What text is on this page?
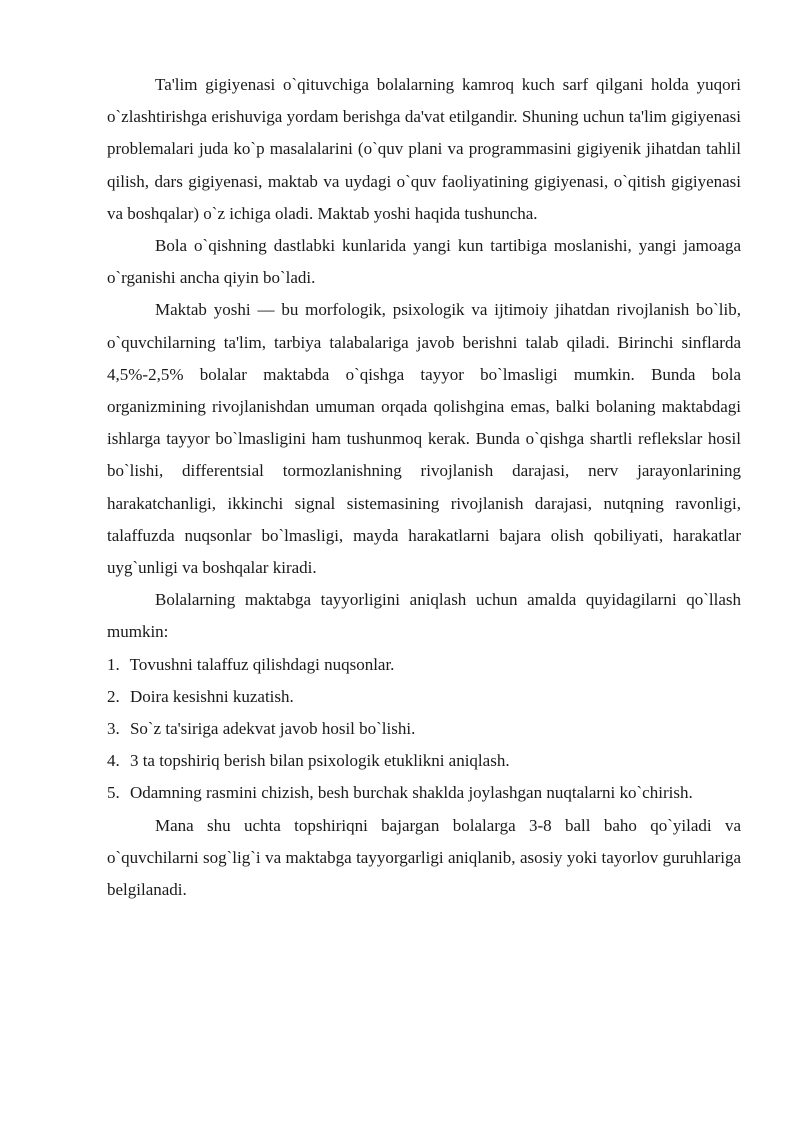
Ta'lim gigiyenasi o`qituvchiga bolalarning kamroq kuch sarf qilgani holda yuqori o`zlashtirishga erishuviga yordam berishga da'vat etilgandir. Shuning uchun ta'lim gigiyenasi problemalari juda ko`p masalalarini (o`quv plani va programmasini gigiyenik jihatdan tahlil qilish, dars gigiyenasi, maktab va uydagi o`quv faoliyatining gigiyenasi, o`qitish gigiyenasi va boshqalar) o`z ichiga oladi. Maktab yoshi haqida tushuncha.

Bola o`qishning dastlabki kunlarida yangi kun tartibiga moslanishi, yangi jamoaga o`rganishi ancha qiyin bo`ladi.

Maktab yoshi — bu morfologik, psixologik va ijtimoiy jihatdan rivojlanish bo`lib, o`quvchilarning ta'lim, tarbiya talabalariga javob berishni talab qiladi. Birinchi sinflarda 4,5%-2,5% bolalar maktabda o`qishga tayyor bo`lmasligi mumkin. Bunda bola organizmining rivojlanishdan umuman orqada qolishgina emas, balki bolaning maktabdagi ishlarga tayyor bo`lmasligini ham tushunmoq kerak. Bunda o`qishga shartli reflekslar hosil bo`lishi, differentsial tormozlanishning rivojlanish darajasi, nerv jarayonlarining harakatchanligi, ikkinchi signal sistemasining rivojlanish darajasi, nutqning ravonligi, talaffuzda nuqsonlar bo`lmasligi, mayda harakatlarni bajara olish qobiliyati, harakatlar uyg`unligi va boshqalar kiradi.

Bolalarning maktabga tayyorligini aniqlash uchun amalda quyidagilarni qo`llash mumkin:

1. Tovushni talaffuz qilishdagi nuqsonlar.

2. Doira kesishni kuzatish.

3. So`z ta'siriga adekvat javob hosil bo`lishi.

4. 3 ta topshiriq berish bilan psixologik etuklikni aniqlash.

5. Odamning rasmini chizish, besh burchak shaklda joylashgan nuqtalarni ko`chirish.

Mana shu uchta topshiriqni bajargan bolalarga 3-8 ball baho qo`yiladi va o`quvchilarni sog`lig`i va maktabga tayyorgarligi aniqlanib, asosiy yoki tayorlov guruhlariga belgilanadi.
